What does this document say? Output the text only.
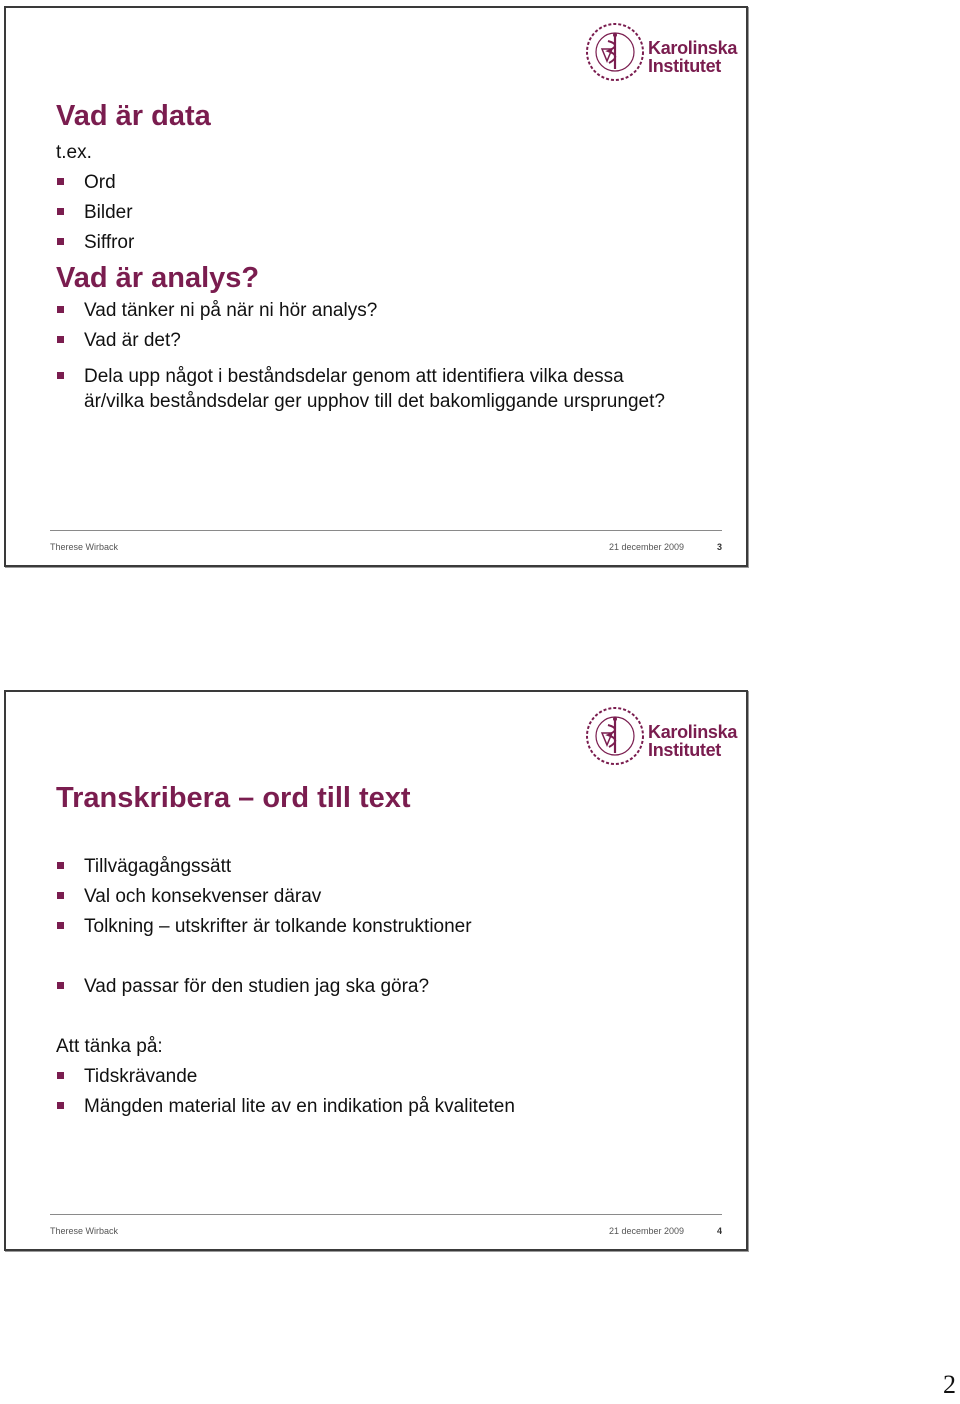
Karolinska
Institutet
Vad är data
t.ex.
Ord
Bilder
Siffror
Vad är analys?
Vad tänker ni på när ni hör analys?
Vad är det?
Dela upp något i beståndsdelar genom att identifiera vilka dessa är/vilka beståndsdelar ger upphov till det bakomliggande ursprunget?
Therese Wirback	21 december 2009	3
Karolinska
Institutet
Transkribera – ord till text
Tillvägagångssätt
Val och konsekvenser därav
Tolkning – utskrifter är tolkande konstruktioner
Vad passar för den studien jag ska göra?
Att tänka på:
Tidskrävande
Mängden material lite av en indikation på kvaliteten
Therese Wirback	21 december 2009	4
2
